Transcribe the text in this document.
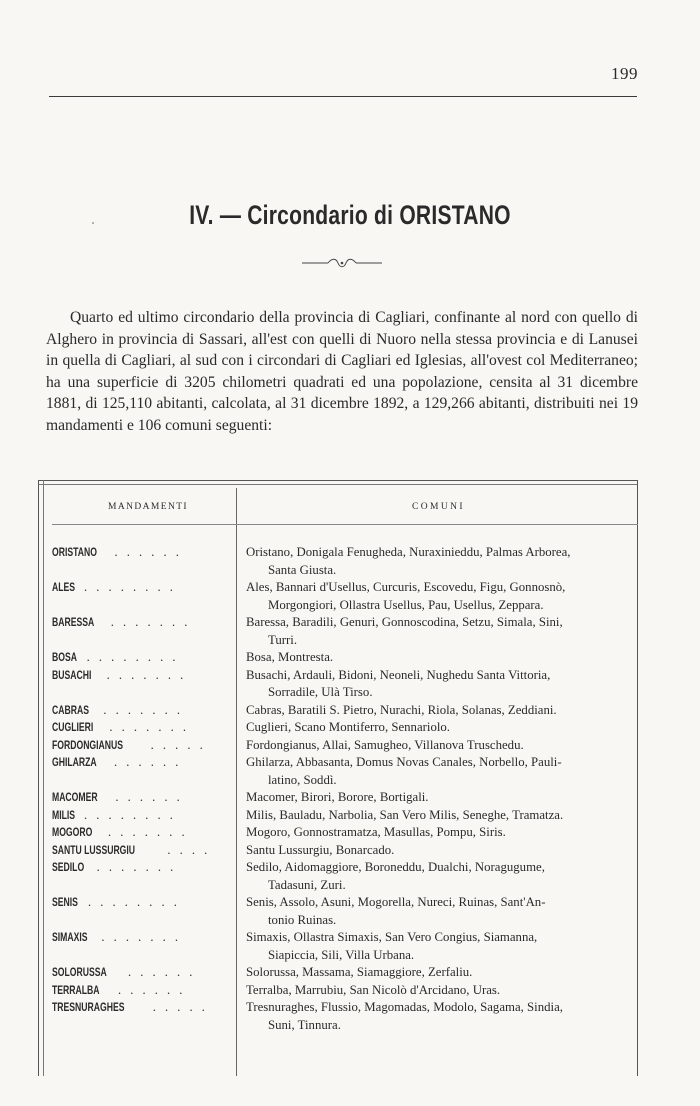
199
IV. — Circondario di ORISTANO
Quarto ed ultimo circondario della provincia di Cagliari, confinante al nord con quello di Alghero in provincia di Sassari, all'est con quelli di Nuoro nella stessa provincia e di Lanusei in quella di Cagliari, al sud con i circondari di Cagliari ed Iglesias, all'ovest col Mediterraneo; ha una superficie di 3205 chilometri quadrati ed una popolazione, censita al 31 dicembre 1881, di 125,110 abitanti, calcolata, al 31 dicembre 1892, a 129,266 abitanti, distribuiti nei 19 mandamenti e 106 comuni seguenti:
MANDAMENTI	COMUNI
ORISTANO . . . . . .	Oristano, Donigala Fenugheda, Nuraxinieddu, Palmas Arborea,
Santa Giusta.
ALES . . . . . . . .	Ales, Bannari d'Usellus, Curcuris, Escovedu, Figu, Gonnosnò,
Morgongiori, Ollastra Usellus, Pau, Usellus, Zeppara.
BARESSA . . . . . . .	Baressa, Baradili, Genuri, Gonnoscodina, Setzu, Simala, Sini,
Turri.
BOSA . . . . . . . .	Bosa, Montresta.
BUSACHI . . . . . . .	Busachi, Ardauli, Bidoni, Neoneli, Nughedu Santa Vittoria,
Sorradile, Ulà Tirso.
CABRAS . . . . . . .	Cabras, Baratili S. Pietro, Nurachi, Riola, Solanas, Zeddiani.
CUGLIERI . . . . . . .	Cuglieri, Scano Montiferro, Sennariolo.
FORDONGIANUS . . . . .	Fordongianus, Allai, Samugheo, Villanova Truschedu.
GHILARZA . . . . . .	Ghilarza, Abbasanta, Domus Novas Canales, Norbello, Pauli-
latino, Soddì.
MACOMER . . . . . .	Macomer, Birori, Borore, Bortigali.
MILIS . . . . . . . .	Milis, Bauladu, Narbolia, San Vero Milis, Seneghe, Tramatza.
MOGORO . . . . . . .	Mogoro, Gonnostramatza, Masullas, Pompu, Siris.
SANTU LUSSURGIU	. . . .	Santu Lussurgiu, Bonarcado.
SEDILO . . . . . . .	Sedilo, Aidomaggiore, Boroneddu, Dualchi, Noragugume,
Tadasuni, Zuri.
SENIS . . . . . . . .	Senis, Assolo, Asuni, Mogorella, Nureci, Ruinas, Sant'An-
tonio Ruinas.
SIMAXIS . . . . . . .	Simaxis, Ollastra Simaxis, San Vero Congius, Siamanna,
Siapiccia, Sili, Villa Urbana.
SOLORUSSA . . . . . .	Solorussa, Massama, Siamaggiore, Zerfaliu.
TERRALBA . . . . . .	Terralba, Marrubiu, San Nicolò d'Arcidano, Uras.
TRESNURAGHES . . . . .	Tresnuraghes, Flussio, Magomadas, Modolo, Sagama, Sindia,
Suni, Tinnura.
